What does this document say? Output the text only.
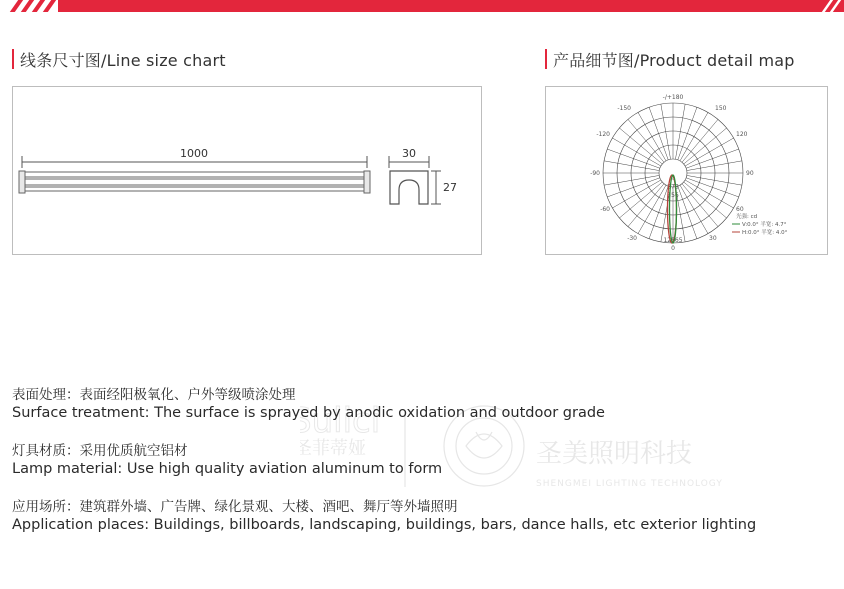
线条尺寸图/Line size chart	产品细节图/Product detail map
1000	30
27
-/+180
-150	150
-120	120
-90	90
-60	60
-30	30
0
0
278
556
12565
光强: cd
V:0.0° 半宽: 4.7°
H:0.0° 半宽: 4.0°
Sulici
圣菲蒂娅	圣美照明科技
SHENGMEI LIGHTING TECHNOLOGY
表面处理：表面经阳极氧化、户外等级喷涂处理
Surface treatment: The surface is sprayed by anodic oxidation and outdoor grade
灯具材质：采用优质航空铝材
Lamp material: Use high quality aviation aluminum to form
应用场所：建筑群外墙、广告牌、绿化景观、大楼、酒吧、舞厅等外墙照明
Application places: Buildings, billboards, landscaping, buildings, bars, dance halls, etc exterior lighting
